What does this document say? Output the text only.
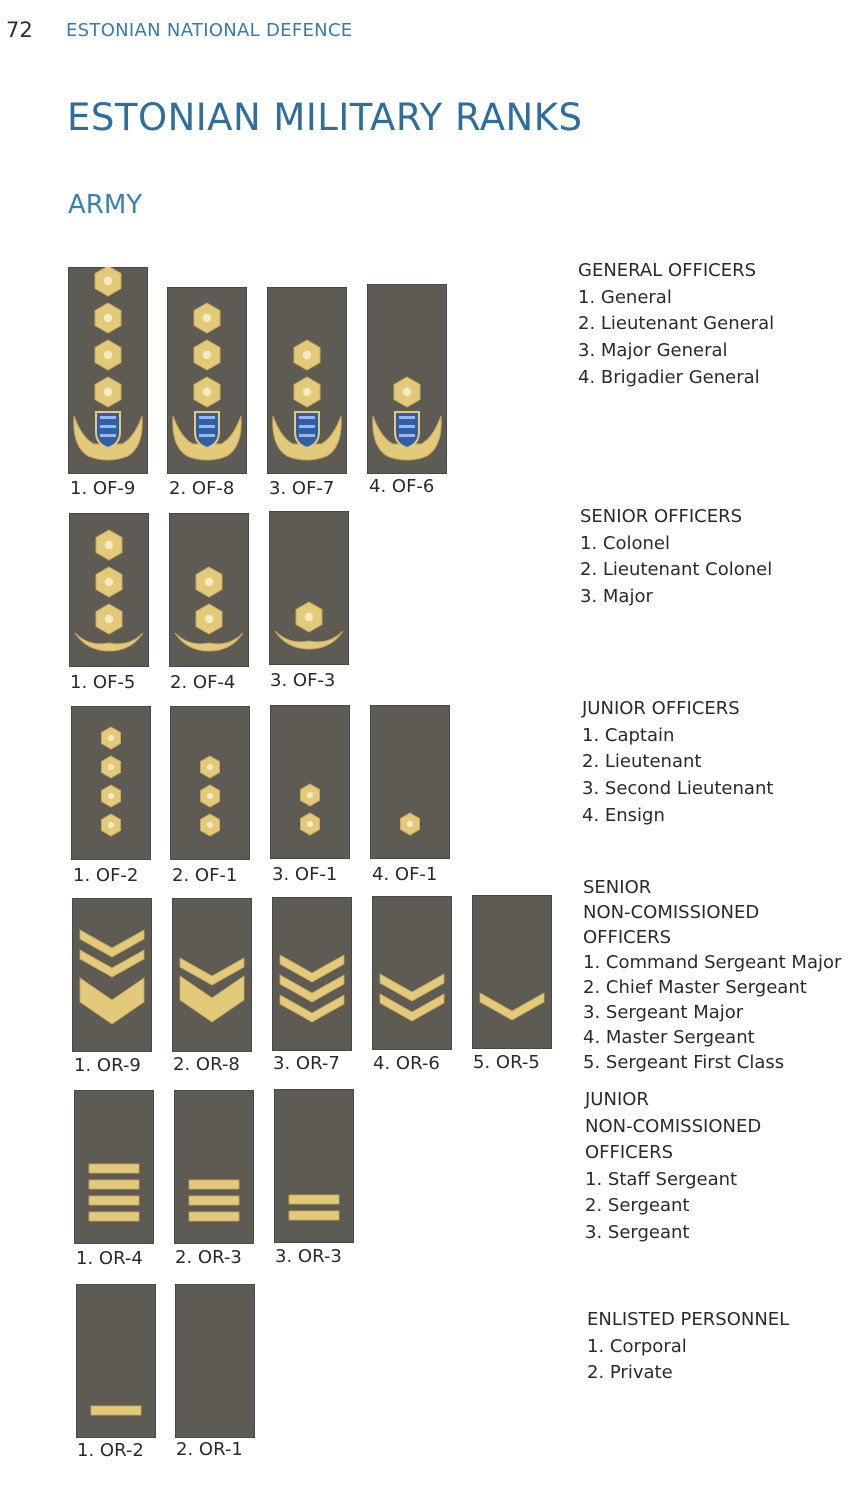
72 ESTONIAN NATIONAL DEFENCE
ESTONIAN MILITARY RANKS
ARMY
1. OF-9 2. OF-8 3. OF-7 4. OF-6
GENERAL OFFICERS
1. General
2. Lieutenant General
3. Major General
4. Brigadier General
1. OF-5 2. OF-4 3. OF-3
SENIOR OFFICERS
1. Colonel
2. Lieutenant Colonel
3. Major
1. OF-2 2. OF-1 3. OF-1 4. OF-1
JUNIOR OFFICERS
1. Captain
2. Lieutenant
3. Second Lieutenant
4. Ensign
1. OR-9 2. OR-8 3. OR-7 4. OR-6 5. OR-5
SENIOR
NON-COMISSIONED
OFFICERS
1. Command Sergeant Major
2. Chief Master Sergeant
3. Sergeant Major
4. Master Sergeant
5. Sergeant First Class
1. OR-4 2. OR-3 3. OR-3
JUNIOR
NON-COMISSIONED
OFFICERS
1. Staff Sergeant
2. Sergeant
3. Sergeant
1. OR-2 2. OR-1
ENLISTED PERSONNEL
1. Corporal
2. Private
